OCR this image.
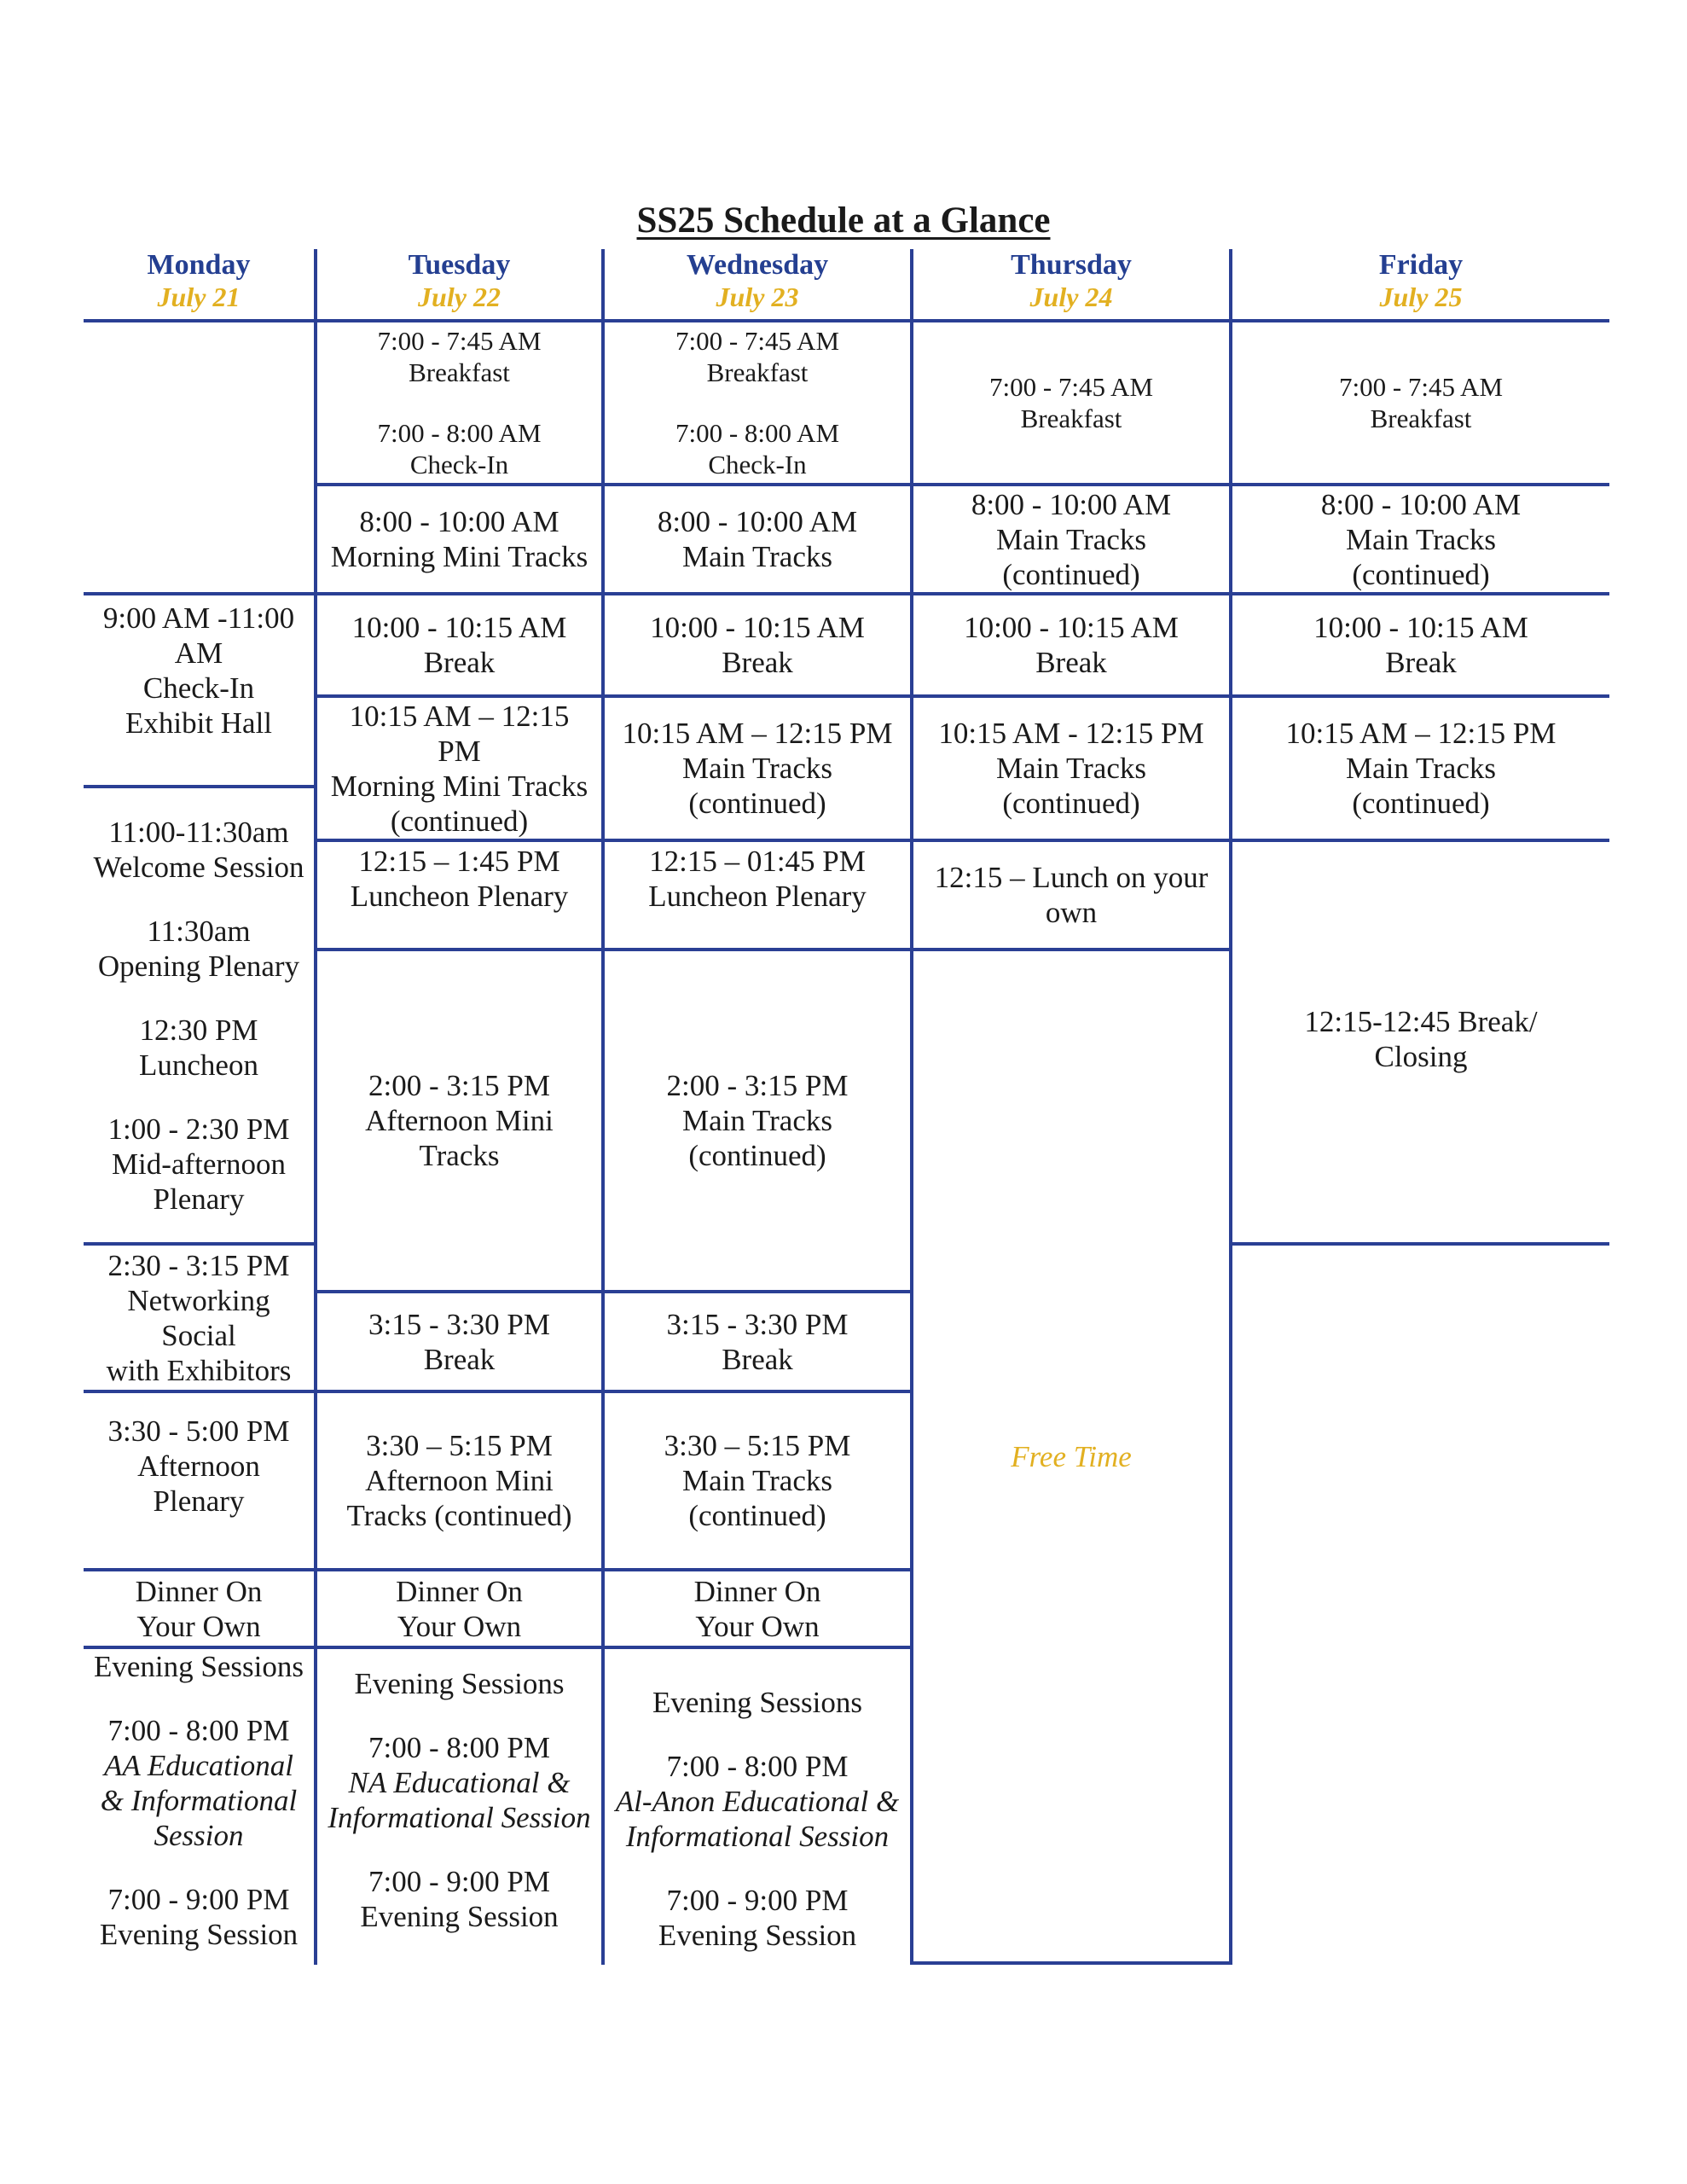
SS25 Schedule at a Glance
Monday
July 21
Tuesday
July 22
Wednesday
July 23
Thursday
July 24
Friday
July 25
9:00 AM -11:00
AM
Check-In
Exhibit Hall
11:00-11:30am
Welcome Session
11:30am
Opening Plenary
12:30 PM
Luncheon
1:00 - 2:30 PM
Mid-afternoon
Plenary
2:30 - 3:15 PM
Networking
Social
with Exhibitors
3:30 - 5:00 PM
Afternoon
Plenary
Dinner On
Your Own
Evening Sessions
7:00 - 8:00 PM
AA Educational
& Informational
Session
7:00 - 9:00 PM
Evening Session
7:00 - 7:45 AM
Breakfast
7:00 - 8:00 AM
Check-In
8:00 - 10:00 AM
Morning Mini Tracks
10:00 - 10:15 AM
Break
10:15 AM – 12:15
PM
Morning Mini Tracks
(continued)
12:15 – 1:45 PM
Luncheon Plenary
2:00 - 3:15 PM
Afternoon Mini
Tracks
3:15 - 3:30 PM
Break
3:30 – 5:15 PM
Afternoon Mini
Tracks (continued)
Dinner On
Your Own
Evening Sessions
7:00 - 8:00 PM
NA Educational &
Informational Session
7:00 - 9:00 PM
Evening Session
7:00 - 7:45 AM
Breakfast
7:00 - 8:00 AM
Check-In
8:00 - 10:00 AM
Main Tracks
10:00 - 10:15 AM
Break
10:15 AM – 12:15 PM
Main Tracks
(continued)
12:15 – 01:45 PM
Luncheon Plenary
2:00 - 3:15 PM
Main Tracks
(continued)
3:15 - 3:30 PM
Break
3:30 – 5:15 PM
Main Tracks
(continued)
Dinner On
Your Own
Evening Sessions
7:00 - 8:00 PM
Al-Anon Educational &
Informational Session
7:00 - 9:00 PM
Evening Session
7:00 - 7:45 AM
Breakfast
8:00 - 10:00 AM
Main Tracks
(continued)
10:00 - 10:15 AM
Break
10:15 AM - 12:15 PM
Main Tracks
(continued)
12:15 – Lunch on your
own
Free Time
7:00 - 7:45 AM
Breakfast
8:00 - 10:00 AM
Main Tracks
(continued)
10:00 - 10:15 AM
Break
10:15 AM – 12:15 PM
Main Tracks
(continued)
12:15-12:45 Break/
Closing
